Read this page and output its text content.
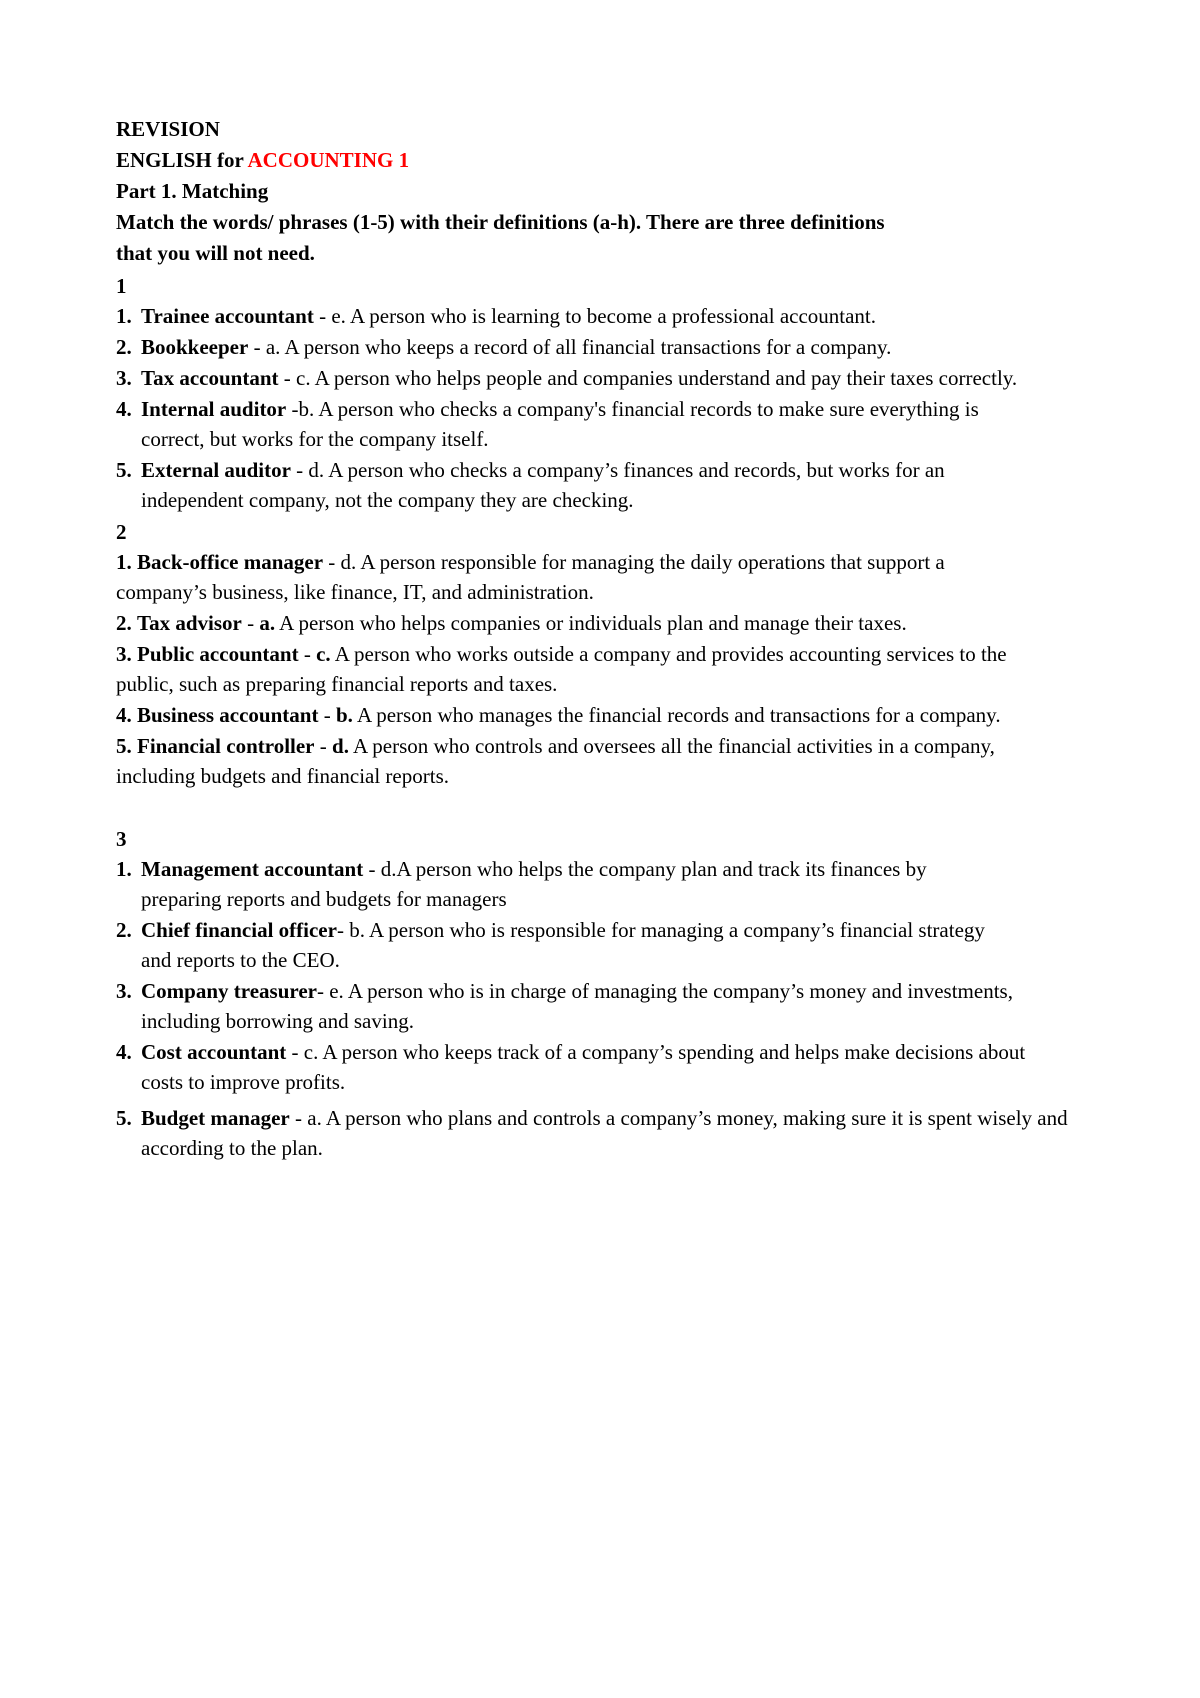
REVISION
ENGLISH for ACCOUNTING 1
Part 1. Matching
Match the words/ phrases (1-5) with their definitions (a-h). There are three definitions
that you will not need.
1
1. Trainee accountant - e. A person who is learning to become a professional accountant.
2. Bookkeeper - a. A person who keeps a record of all financial transactions for a company.
3. Tax accountant - c. A person who helps people and companies understand and pay their taxes correctly.
4. Internal auditor -b. A person who checks a company's financial records to make sure everything is correct, but works for the company itself.
5. External auditor - d. A person who checks a company’s finances and records, but works for an independent company, not the company they are checking.
2
1. Back-office manager - d. A person responsible for managing the daily operations that support a company’s business, like finance, IT, and administration.
2. Tax advisor - a. A person who helps companies or individuals plan and manage their taxes.
3. Public accountant - c. A person who works outside a company and provides accounting services to the public, such as preparing financial reports and taxes.
4. Business accountant - b. A person who manages the financial records and transactions for a company.
5. Financial controller - d. A person who controls and oversees all the financial activities in a company, including budgets and financial reports.
3
1. Management accountant - d.A person who helps the company plan and track its finances by preparing reports and budgets for managers
2. Chief financial officer- b. A person who is responsible for managing a company’s financial strategy and reports to the CEO.
3. Company treasurer- e. A person who is in charge of managing the company’s money and investments, including borrowing and saving.
4. Cost accountant - c. A person who keeps track of a company’s spending and helps make decisions about costs to improve profits.
5. Budget manager - a. A person who plans and controls a company’s money, making sure it is spent wisely and according to the plan.
